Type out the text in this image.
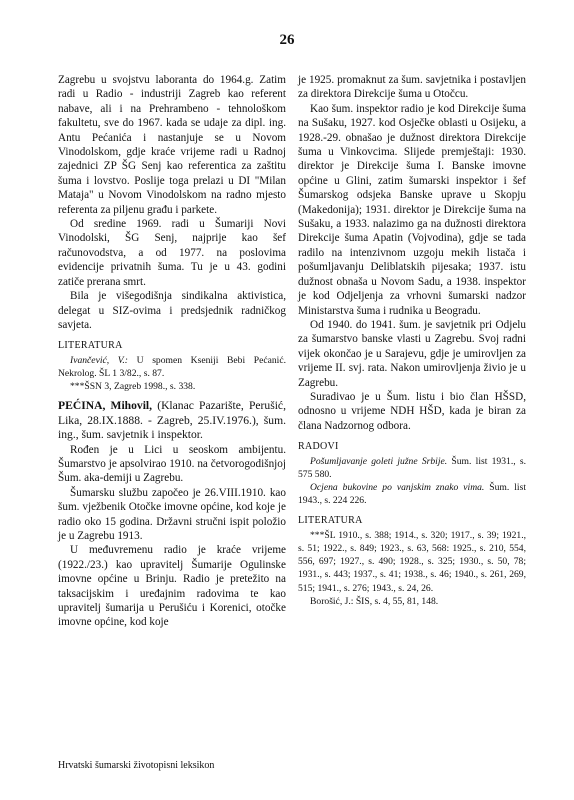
26

Zagrebu u svojstvu laboranta do 1964.g. Zatim radi u Radio - industriji Zagreb kao referent nabave, ali i na Prehrambeno - tehnološkom fakultetu, sve do 1967. kada se udaje za dipl. ing. Antu Pećanića i nastanjuje se u Novom Vinodolskom, gdje kraće vrijeme radi u Radnoj zajednici ZP ŠG Senj kao referentica za zaštitu šuma i lovstvo. Poslije toga prelazi u DI "Milan Mataja" u Novom Vinodolskom na radno mjesto referenta za piljenu građu i parkete.

Od sredine 1969. radi u Šumariji Novi Vinodolski, ŠG Senj, najprije kao šef računovodstva, a od 1977. na poslovima evidencije privatnih šuma. Tu je u 43. godini zatiče prerana smrt.

Bila je višegodišnja sindikalna aktivistica, delegat u SIZ-ovima i predsjednik radničkog savjeta.

LITERATURA

Ivančević, V.: U spomen Kseniji Bebi Pećanić. Nekrolog. ŠL 1 3/82., s. 87.

***ŠSN 3, Zagreb 1998., s. 338.

PEĆINA, Mihovil, (Klanac Pazarište, Perušić, Lika, 28.IX.1888. - Zagreb, 25.IV.1976.), šum. ing., šum. savjetnik i inspektor.

Rođen je u Lici u seoskom ambijentu. Šumarstvo je apsolvirao 1910. na četvorogodišnjoj Šum. aka-demiji u Zagrebu.

Šumarsku službu započeo je 26.VIII.1910. kao šum. vježbenik Otočke imovne općine, kod koje je radio oko 15 godina. Državni stručni ispit položio je u Zagrebu 1913.

U međuvremenu radio je kraće vrijeme (1922./23.) kao upravitelj Šumarije Ogulinske imovne općine u Brinju. Radio je pretežito na taksacijskim i uređajnim radovima te kao upravitelj šumarija u Perušiću i Korenici, otočke imovne općine, kod koje

je 1925. promaknut za šum. savjetnika i postavljen za direktora Direkcije šuma u Otočcu.

Kao šum. inspektor radio je kod Direkcije šuma na Sušaku, 1927. kod Osječke oblasti u Osijeku, a 1928.-29. obnašao je dužnost direktora Direkcije šuma u Vinkovcima. Slijede premještaji: 1930. direktor je Direkcije šuma I. Banske imovne općine u Glini, zatim šumarski inspektor i šef Šumarskog odsjeka Banske uprave u Skopju (Makedonija); 1931. direktor je Direkcije šuma na Sušaku, a 1933. nalazimo ga na dužnosti direktora Direkcije šuma Apatin (Vojvodina), gdje se tada radilo na intenzivnom uzgoju mekih listača i pošumljavanju Deliblatskih pijesaka; 1937. istu dužnost obnaša u Novom Sadu, a 1938. inspektor je kod Odjeljenja za vrhovni šumarski nadzor Ministarstva šuma i rudnika u Beogradu.

Od 1940. do 1941. šum. je savjetnik pri Odjelu za šumarstvo banske vlasti u Zagrebu. Svoj radni vijek okončao je u Sarajevu, gdje je umirovljen za vrijeme II. svj. rata. Nakon umirovljenja živio je u Zagrebu.

Suradivao je u Šum. listu i bio član HŠSD, odnosno u vrijeme NDH HŠD, kada je biran za člana Nadzornog odbora.

RADOVI

Pošumljavanje goleti južne Srbije. Šum. list 1931., s. 575 580.

Ocjena bukovine po vanjskim znako vima. Šum. list 1943., s. 224 226.

LITERATURA

***ŠL 1910., s. 388; 1914., s. 320; 1917., s. 39; 1921., s. 51; 1922., s. 849; 1923., s. 63, 568: 1925., s. 210, 554, 556, 697; 1927., s. 490; 1928., s. 325; 1930., s. 50, 78; 1931., s. 443; 1937., s. 41; 1938., s. 46; 1940., s. 261, 269, 515; 1941., s. 276; 1943., s. 24, 26.

Borošić, J.: ŠIS, s. 4, 55, 81, 148.

Hrvatski šumarski životopisni leksikon
